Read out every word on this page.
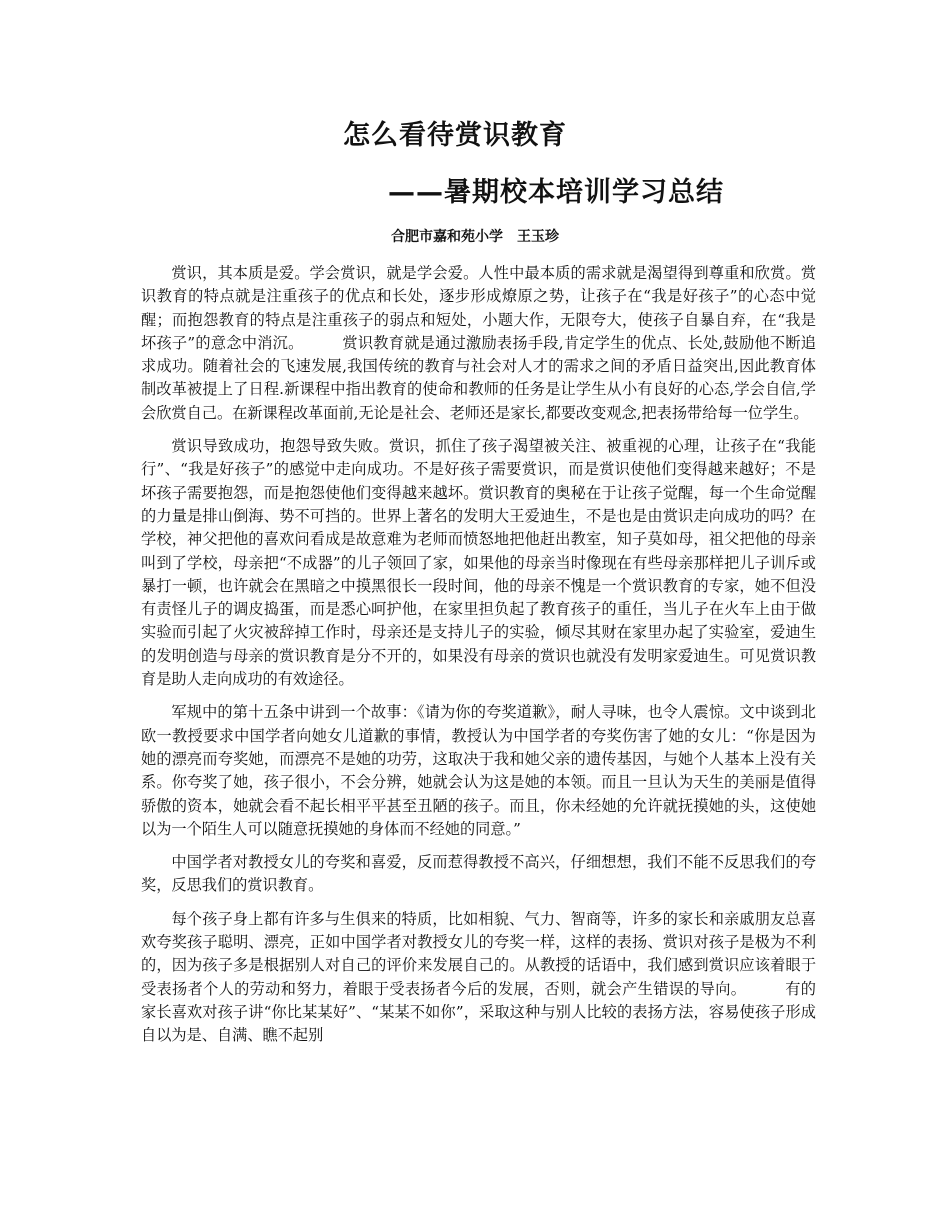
怎么看待赏识教育
——暑期校本培训学习总结
合肥市嘉和苑小学　王玉珍

赏识，其本质是爱。学会赏识，就是学会爱。人性中最本质的需求就是渴望得到尊重和欣赏。赏识教育的特点就是注重孩子的优点和长处，逐步形成燎原之势，让孩子在“我是好孩子”的心态中觉醒；而抱怨教育的特点是注重孩子的弱点和短处，小题大作，无限夸大，使孩子自暴自弃，在“我是坏孩子”的意念中消沉。　　　赏识教育就是通过激励表扬手段,肯定学生的优点、长处,鼓励他不断追求成功。随着社会的飞速发展,我国传统的教育与社会对人才的需求之间的矛盾日益突出,因此教育体制改革被提上了日程.新课程中指出教育的使命和教师的任务是让学生从小有良好的心态,学会自信,学会欣赏自己。在新课程改革面前,无论是社会、老师还是家长,都要改变观念,把表扬带给每一位学生。

赏识导致成功，抱怨导致失败。赏识，抓住了孩子渴望被关注、被重视的心理，让孩子在“我能行”、“我是好孩子”的感觉中走向成功。不是好孩子需要赏识，而是赏识使他们变得越来越好；不是坏孩子需要抱怨，而是抱怨使他们变得越来越坏。赏识教育的奥秘在于让孩子觉醒，每一个生命觉醒的力量是排山倒海、势不可挡的。世界上著名的发明大王爱迪生，不是也是由赏识走向成功的吗？在学校，神父把他的喜欢问看成是故意难为老师而愤怒地把他赶出教室，知子莫如母，祖父把他的母亲叫到了学校，母亲把“不成器”的儿子领回了家，如果他的母亲当时像现在有些母亲那样把儿子训斥或暴打一顿，也许就会在黑暗之中摸黑很长一段时间，他的母亲不愧是一个赏识教育的专家，她不但没有责怪儿子的调皮捣蛋，而是悉心呵护他，在家里担负起了教育孩子的重任，当儿子在火车上由于做实验而引起了火灾被辞掉工作时，母亲还是支持儿子的实验，倾尽其财在家里办起了实验室，爱迪生的发明创造与母亲的赏识教育是分不开的，如果没有母亲的赏识也就没有发明家爱迪生。可见赏识教育是助人走向成功的有效途径。

军规中的第十五条中讲到一个故事：《请为你的夸奖道歉》，耐人寻味，也令人震惊。文中谈到北欧一教授要求中国学者向她女儿道歉的事情，教授认为中国学者的夸奖伤害了她的女儿：“你是因为她的漂亮而夸奖她，而漂亮不是她的功劳，这取决于我和她父亲的遗传基因，与她个人基本上没有关系。你夸奖了她，孩子很小，不会分辨，她就会认为这是她的本领。而且一旦认为天生的美丽是值得骄傲的资本，她就会看不起长相平平甚至丑陋的孩子。而且，你未经她的允许就抚摸她的头，这使她以为一个陌生人可以随意抚摸她的身体而不经她的同意。”

中国学者对教授女儿的夸奖和喜爱，反而惹得教授不高兴，仔细想想，我们不能不反思我们的夸奖，反思我们的赏识教育。

每个孩子身上都有许多与生俱来的特质，比如相貌、气力、智商等，许多的家长和亲戚朋友总喜欢夸奖孩子聪明、漂亮，正如中国学者对教授女儿的夸奖一样，这样的表扬、赏识对孩子是极为不利的，因为孩子多是根据别人对自己的评价来发展自己的。从教授的话语中，我们感到赏识应该着眼于受表扬者个人的劳动和努力，着眼于受表扬者今后的发展，否则，就会产生错误的导向。　　　有的家长喜欢对孩子讲“你比某某好”、“某某不如你”，采取这种与别人比较的表扬方法，容易使孩子形成自以为是、自满、瞧不起别
